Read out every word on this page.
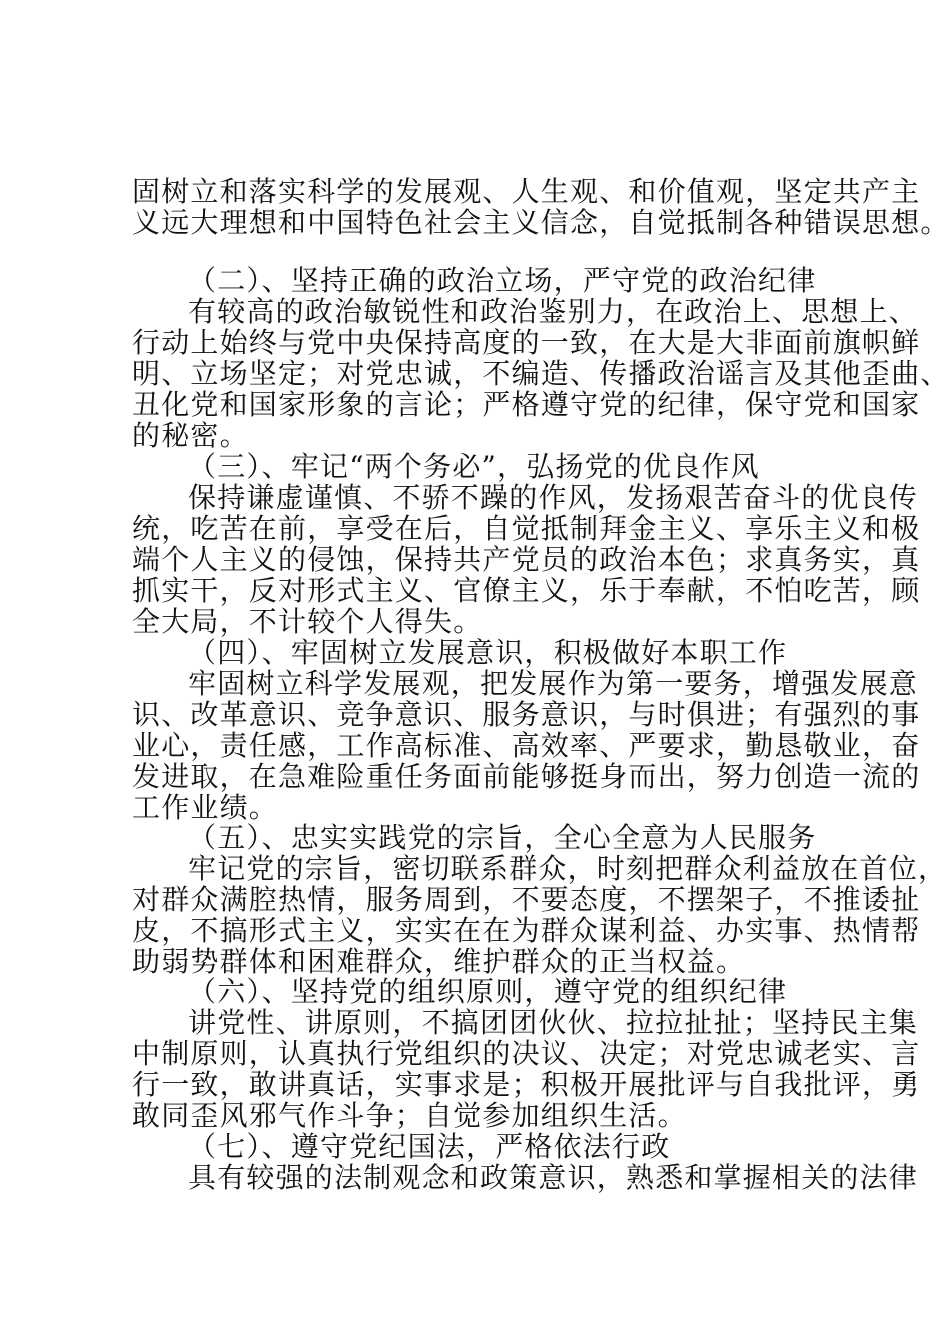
固树立和落实科学的发展观、人生观、和价值观，坚定共产主
义远大理想和中国特色社会主义信念，自觉抵制各种错误思想。
（二）、坚持正确的政治立场，严守党的政治纪律
有较高的政治敏锐性和政治鉴别力，在政治上、思想上、
行动上始终与党中央保持高度的一致，在大是大非面前旗帜鲜
明、立场坚定；对党忠诚，不编造、传播政治谣言及其他歪曲、
丑化党和国家形象的言论；严格遵守党的纪律，保守党和国家
的秘密。
（三）、牢记“两个务必”，弘扬党的优良作风
保持谦虚谨慎、不骄不躁的作风，发扬艰苦奋斗的优良传
统，吃苦在前，享受在后，自觉抵制拜金主义、享乐主义和极
端个人主义的侵蚀，保持共产党员的政治本色；求真务实，真
抓实干，反对形式主义、官僚主义，乐于奉献，不怕吃苦，顾
全大局，不计较个人得失。
（四）、牢固树立发展意识，积极做好本职工作
牢固树立科学发展观，把发展作为第一要务，增强发展意
识、改革意识、竞争意识、服务意识，与时俱进；有强烈的事
业心，责任感，工作高标准、高效率、严要求，勤恳敬业，奋
发进取，在急难险重任务面前能够挺身而出，努力创造一流的
工作业绩。
（五）、忠实实践党的宗旨，全心全意为人民服务
牢记党的宗旨，密切联系群众，时刻把群众利益放在首位，
对群众满腔热情，服务周到，不要态度，不摆架子，不推诿扯
皮，不搞形式主义，实实在在为群众谋利益、办实事、热情帮
助弱势群体和困难群众，维护群众的正当权益。
（六）、坚持党的组织原则，遵守党的组织纪律
讲党性、讲原则，不搞团团伙伙、拉拉扯扯；坚持民主集
中制原则，认真执行党组织的决议、决定；对党忠诚老实、言
行一致，敢讲真话，实事求是；积极开展批评与自我批评，勇
敢同歪风邪气作斗争；自觉参加组织生活。
（七）、遵守党纪国法，严格依法行政
具有较强的法制观念和政策意识，熟悉和掌握相关的法律
